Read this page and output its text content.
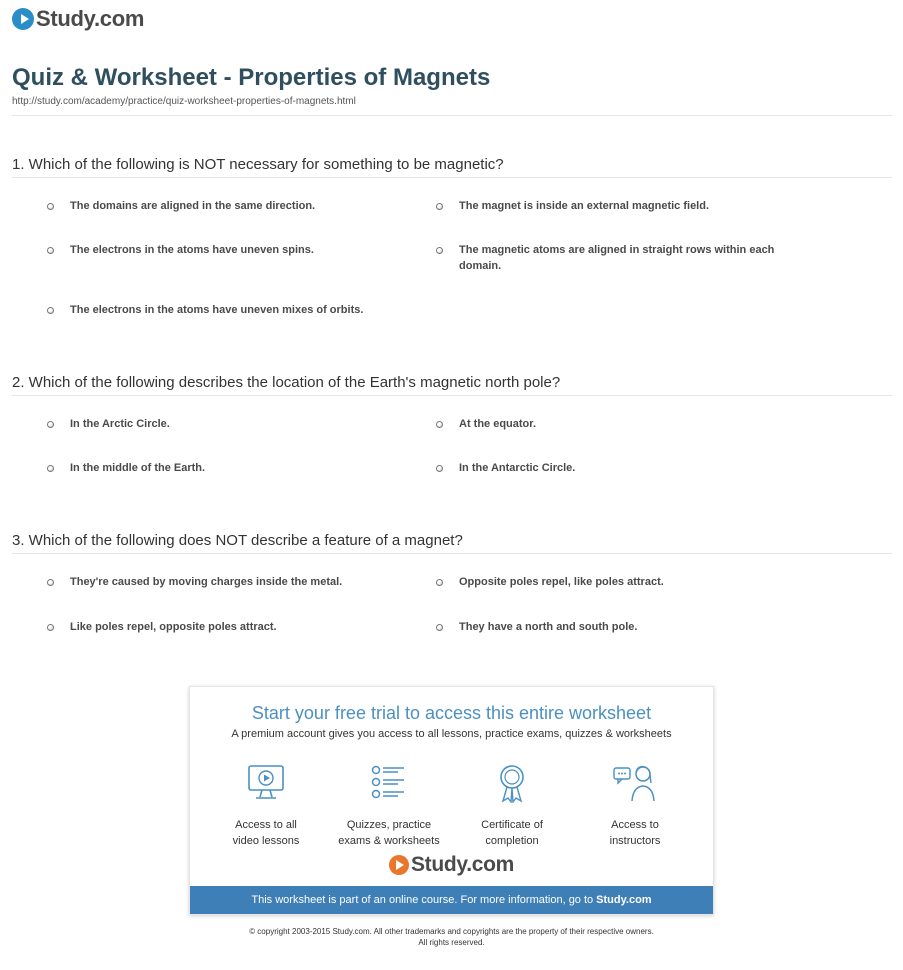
Study.com
Quiz & Worksheet - Properties of Magnets
http://study.com/academy/practice/quiz-worksheet-properties-of-magnets.html
1. Which of the following is NOT necessary for something to be magnetic?
The domains are aligned in the same direction.	The magnet is inside an external magnetic field.
The electrons in the atoms have uneven spins.	The magnetic atoms are aligned in straight rows within each domain.
The electrons in the atoms have uneven mixes of orbits.
2. Which of the following describes the location of the Earth's magnetic north pole?
In the Arctic Circle.	At the equator.
In the middle of the Earth.	In the Antarctic Circle.
3. Which of the following does NOT describe a feature of a magnet?
They're caused by moving charges inside the metal.	Opposite poles repel, like poles attract.
Like poles repel, opposite poles attract.	They have a north and south pole.
Start your free trial to access this entire worksheet
A premium account gives you access to all lessons, practice exams, quizzes & worksheets
Access to all
video lessons
Quizzes, practice
exams & worksheets
Certificate of
completion
Access to
instructors
Study.com
This worksheet is part of an online course. For more information, go to Study.com
© copyright 2003-2015 Study.com. All other trademarks and copyrights are the property of their respective owners.
All rights reserved.
